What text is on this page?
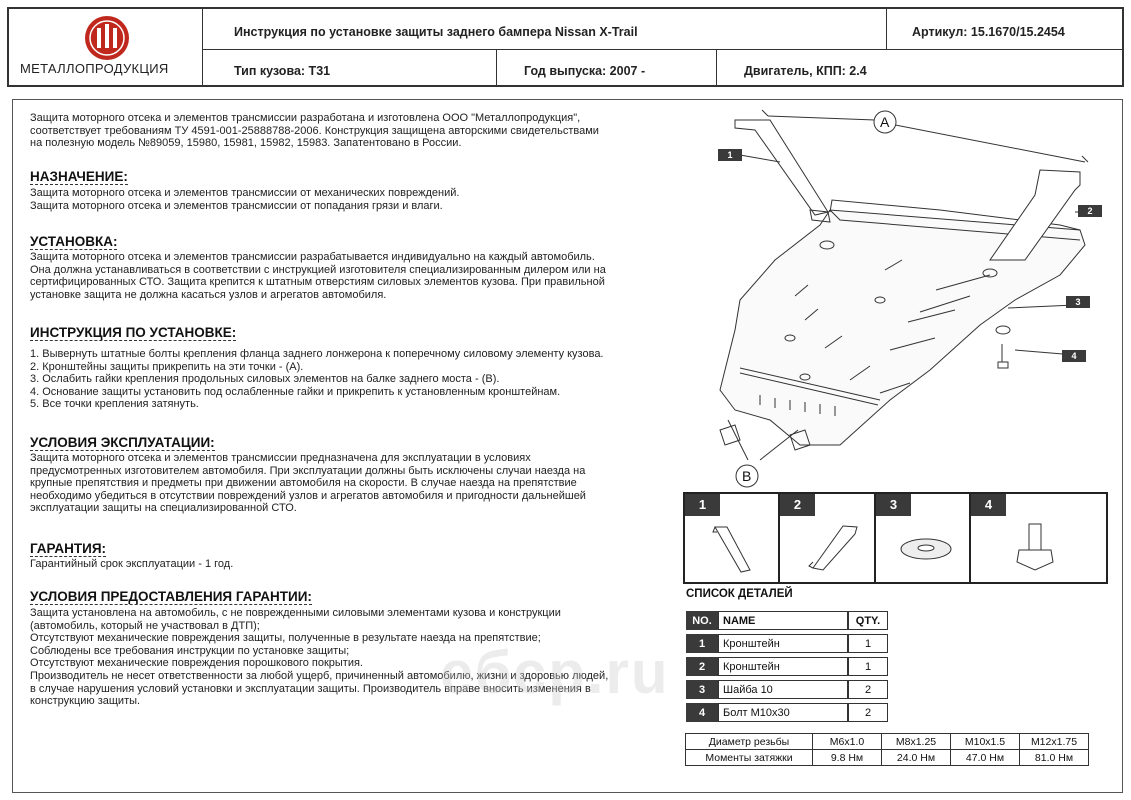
МЕТАЛЛОПРОДУКЦИЯ
Инструкция по установке защиты заднего бампера Nissan X-Trail	Артикул: 15.1670/15.2454
Тип кузова: Т31	Год выпуска: 2007 -	Двигатель, КПП: 2.4
Защита моторного отсека и элементов трансмиссии разработана и изготовлена ООО "Металлопродукция",
соответствует требованиям ТУ 4591-001-25888788-2006. Конструкция защищена авторскими свидетельствами
на полезную модель №89059, 15980, 15981, 15982, 15983. Запатентовано в России.
НАЗНАЧЕНИЕ:
Защита моторного отсека и элементов трансмиссии от механических повреждений.
Защита моторного отсека и элементов трансмиссии от попадания грязи и влаги.
УСТАНОВКА:
Защита моторного отсека и элементов трансмиссии разрабатывается индивидуально на каждый автомобиль.
Она должна устанавливаться в соответствии с инструкцией изготовителя специализированным дилером или на
сертифицированных СТО. Защита крепится к штатным отверстиям силовых элементов кузова. При правильной
установке защита не должна касаться узлов и агрегатов автомобиля.
ИНСТРУКЦИЯ ПО УСТАНОВКЕ:
1. Выверну​ть штатные болты крепления фланца заднего лонжерона к поперечному силовому элементу кузова.
2. Кронштейны защиты прикрепить на эти точки - (А).
3. Ослабить гайки крепления продольных силовых элементов на балке заднего моста - (В).
4. Основание защиты установить под ослабленные гайки и прикрепить к установленным кронштейнам.
5. Все точки крепления затянуть.
УСЛОВИЯ ЭКСПЛУАТАЦИИ:
Защита моторного отсека и элементов трансмиссии предназначена для эксплуатации в условиях
предусмотренных изготовителем автомобиля. При эксплуатации должны быть исключены случаи наезда на
крупные препятствия и предметы при движении автомобиля на скорости. В случае наезда на препятствие
необходимо убедиться в отсутствии повреждений узлов и агрегатов автомобиля и пригодности дальнейшей
эксплуатации защиты на специализированной СТО.
ГАРАНТИЯ:
Гарантийный срок эксплуатации - 1 год.
УСЛОВИЯ ПРЕДОСТАВЛЕНИЯ ГАРАНТИИ:
Защита установлена на автомобиль, с не поврежденными силовыми элементами кузова и конструкции
(автомобиль, который не участвовал в ДТП);
Отсутствуют механические повреждения защиты, полученные в результате наезда на препятствие;
Соблюдены все требования инструкции по установке защиты;
Отсутствуют механические повреждения порошкового покрытия.
Производитель не несет ответственности за любой ущерб, причиненный автомобилю, жизни и здоровью людей,
в случае нарушения условий установки и эксплуатации защиты. Производитель вправе вносить изменения в
конструкцию защиты.	ебср.ru
A
B
1
2
3
4
1	2	3	4
СПИСОК ДЕТАЛЕЙ
NO.	NAME	QTY.
1	Кронштейн	1
2	Кронштейн	1
3	Шайба 10	2
4	Болт М10х30	2
Диаметр резьбы	М6х1.0	М8х1.25	М10х1.5	М12х1.75
Моменты затяжки	9.8 Нм	24.0 Нм	47.0 Нм	81.0 Нм
